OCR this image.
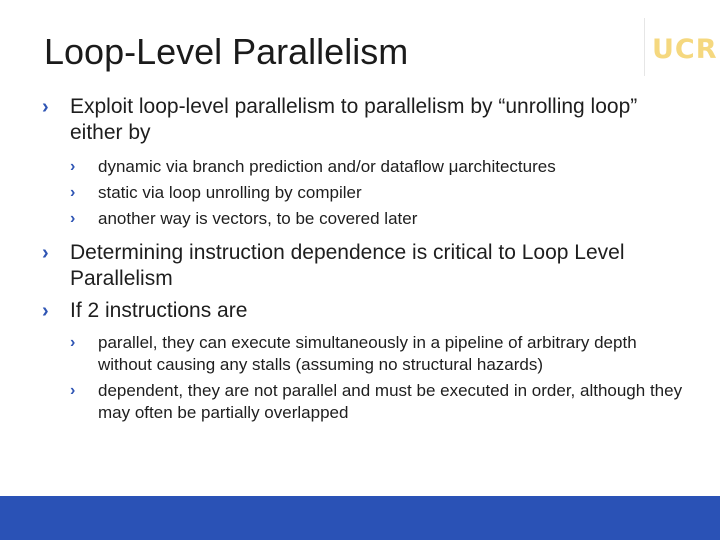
Loop-Level Parallelism	UCR
› Exploit loop-level parallelism to parallelism by “unrolling loop” either by
› dynamic via branch prediction and/or dataflow μarchitectures
› static via loop unrolling by compiler
› another way is vectors, to be covered later
› Determining instruction dependence is critical to Loop Level Parallelism
› If 2 instructions are
› parallel, they can execute simultaneously in a pipeline of arbitrary depth without causing any stalls (assuming no structural hazards)
› dependent, they are not parallel and must be executed in order, although they may often be partially overlapped
